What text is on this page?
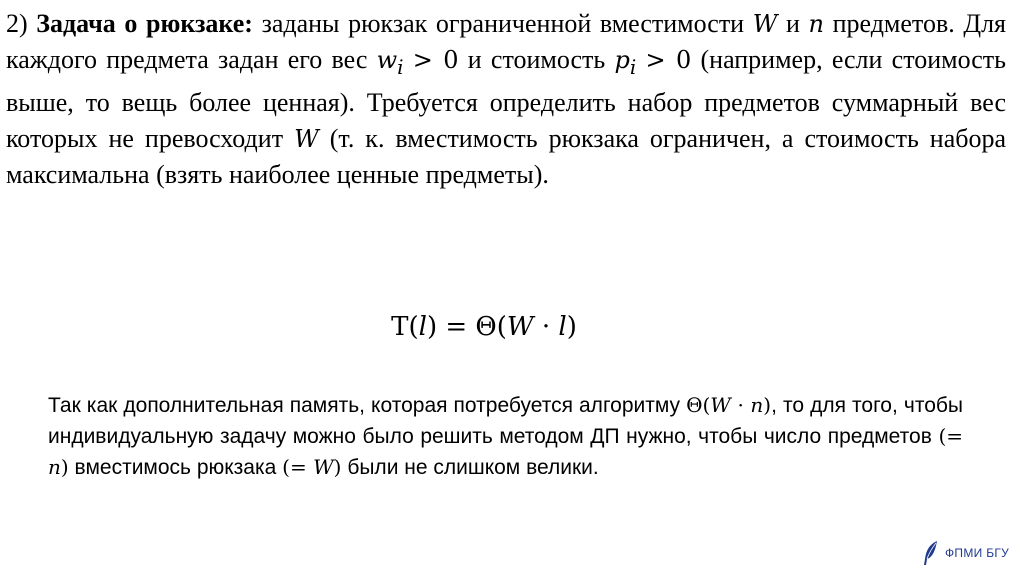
2) Задача о рюкзаке: заданы рюкзак ограниченной вместимости W и n предметов. Для каждого предмета задан его вес $w_i > 0$ и стоимость $p_i > 0$ (например, если стоимость выше, то вещь более ценная). Требуется определить набор предметов суммарный вес которых не превосходит W (т. к. вместимость рюкзака ограничен, а стоимость набора максимальна (взять наиболее ценные предметы).
T(l) = Θ(W · l)
Так как дополнительная память, которая потребуется алгоритму Θ(W · n), то для того, чтобы индивидуальную задачу можно было решить методом ДП нужно, чтобы число предметов (= n) вместимось рюкзака (= W) были не слишком велики.
ФПМИ БГУ
